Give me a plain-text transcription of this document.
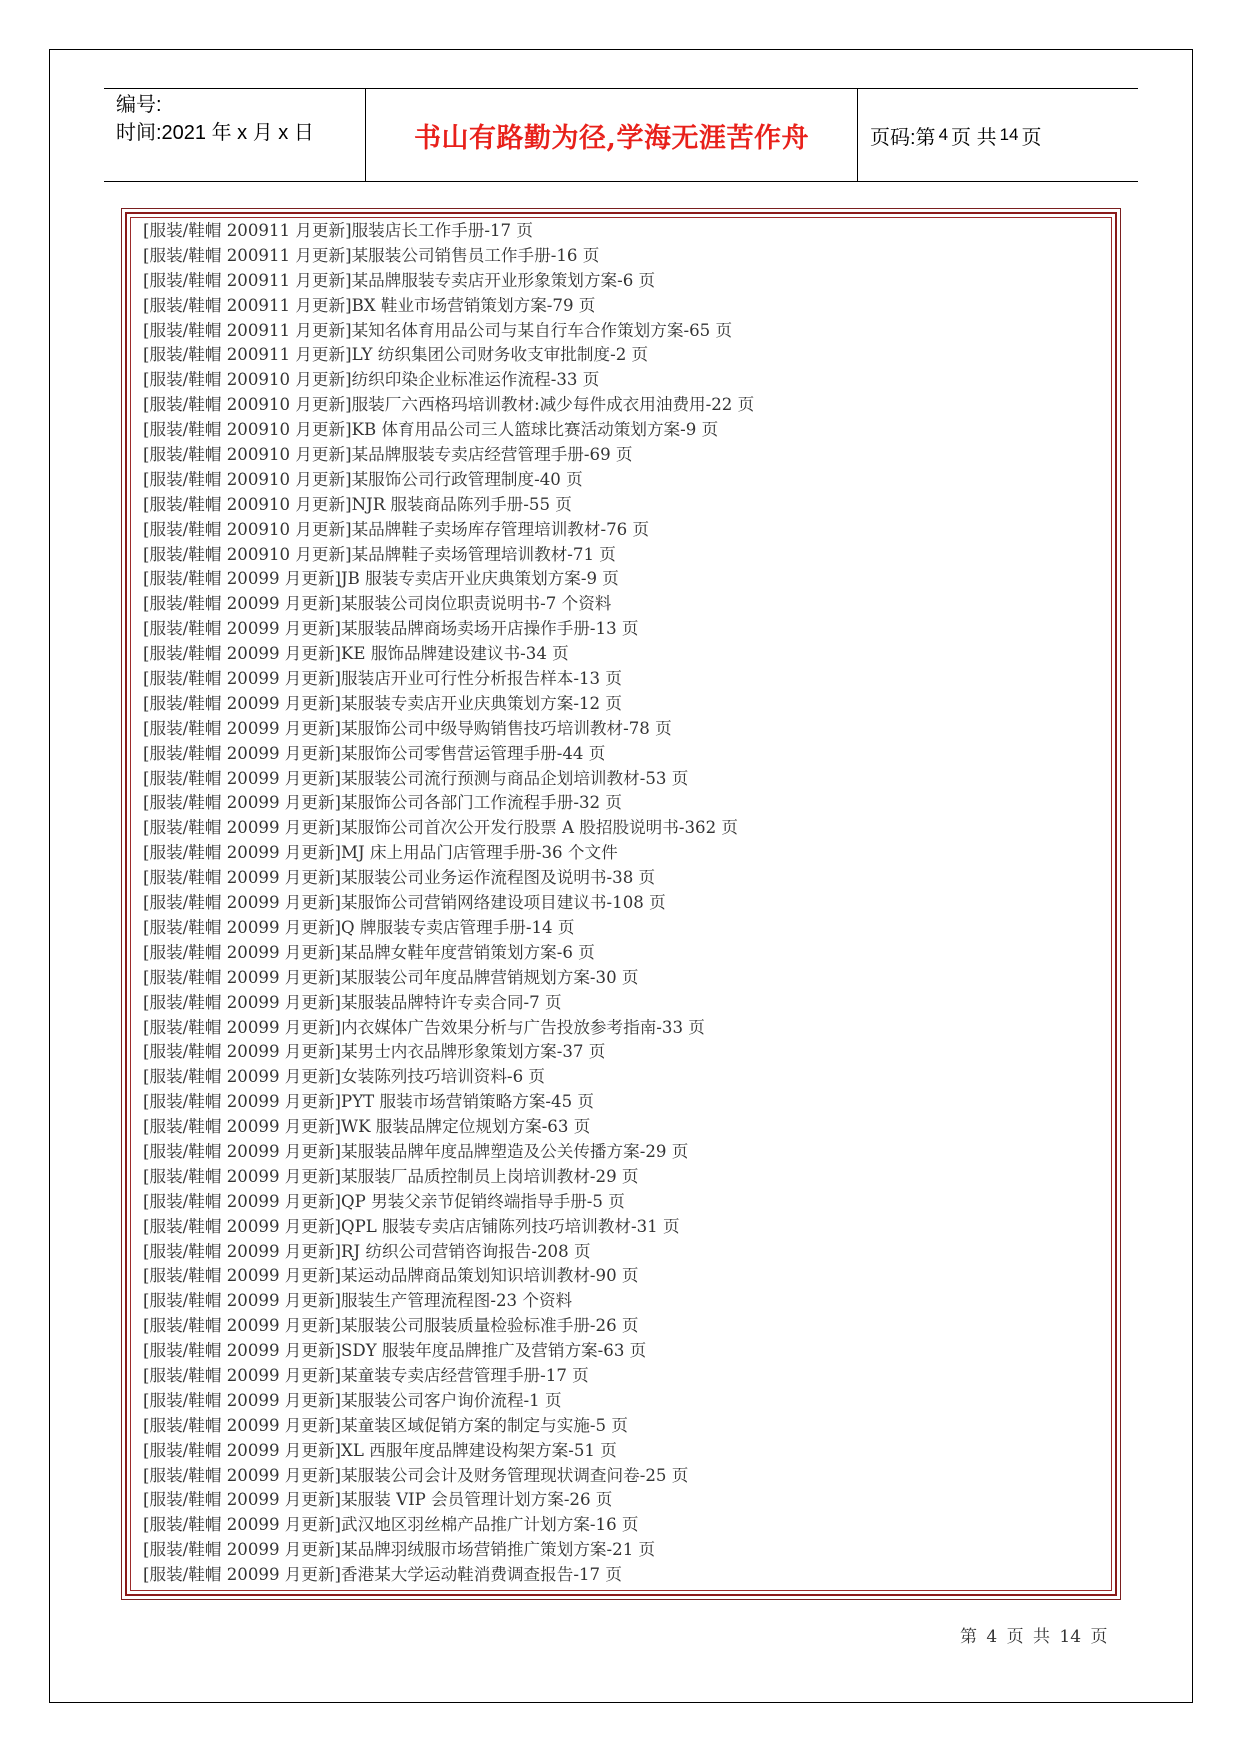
编号:
时间:2021 年 x 月 x 日	书山有路勤为径,学海无涯苦作舟	页码:第 4 页 共 14 页
[服装/鞋帽 200911 月更新]服装店长工作手册-17 页
[服装/鞋帽 200911 月更新]某服装公司销售员工作手册-16 页
[服装/鞋帽 200911 月更新]某品牌服装专卖店开业形象策划方案-6 页
[服装/鞋帽 200911 月更新]BX 鞋业市场营销策划方案-79 页
[服装/鞋帽 200911 月更新]某知名体育用品公司与某自行车合作策划方案-65 页
[服装/鞋帽 200911 月更新]LY 纺织集团公司财务收支审批制度-2 页
[服装/鞋帽 200910 月更新]纺织印染企业标准运作流程-33 页
[服装/鞋帽 200910 月更新]服装厂六西格玛培训教材:减少每件成衣用油费用-22 页
[服装/鞋帽 200910 月更新]KB 体育用品公司三人篮球比赛活动策划方案-9 页
[服装/鞋帽 200910 月更新]某品牌服装专卖店经营管理手册-69 页
[服装/鞋帽 200910 月更新]某服饰公司行政管理制度-40 页
[服装/鞋帽 200910 月更新]NJR 服装商品陈列手册-55 页
[服装/鞋帽 200910 月更新]某品牌鞋子卖场库存管理培训教材-76 页
[服装/鞋帽 200910 月更新]某品牌鞋子卖场管理培训教材-71 页
[服装/鞋帽 20099 月更新]JB 服装专卖店开业庆典策划方案-9 页
[服装/鞋帽 20099 月更新]某服装公司岗位职责说明书-7 个资料
[服装/鞋帽 20099 月更新]某服装品牌商场卖场开店操作手册-13 页
[服装/鞋帽 20099 月更新]KE 服饰品牌建设建议书-34 页
[服装/鞋帽 20099 月更新]服装店开业可行性分析报告样本-13 页
[服装/鞋帽 20099 月更新]某服装专卖店开业庆典策划方案-12 页
[服装/鞋帽 20099 月更新]某服饰公司中级导购销售技巧培训教材-78 页
[服装/鞋帽 20099 月更新]某服饰公司零售营运管理手册-44 页
[服装/鞋帽 20099 月更新]某服装公司流行预测与商品企划培训教材-53 页
[服装/鞋帽 20099 月更新]某服饰公司各部门工作流程手册-32 页
[服装/鞋帽 20099 月更新]某服饰公司首次公开发行股票 A 股招股说明书-362 页
[服装/鞋帽 20099 月更新]MJ 床上用品门店管理手册-36 个文件
[服装/鞋帽 20099 月更新]某服装公司业务运作流程图及说明书-38 页
[服装/鞋帽 20099 月更新]某服饰公司营销网络建设项目建议书-108 页
[服装/鞋帽 20099 月更新]Q 牌服装专卖店管理手册-14 页
[服装/鞋帽 20099 月更新]某品牌女鞋年度营销策划方案-6 页
[服装/鞋帽 20099 月更新]某服装公司年度品牌营销规划方案-30 页
[服装/鞋帽 20099 月更新]某服装品牌特许专卖合同-7 页
[服装/鞋帽 20099 月更新]内衣媒体广告效果分析与广告投放参考指南-33 页
[服装/鞋帽 20099 月更新]某男士内衣品牌形象策划方案-37 页
[服装/鞋帽 20099 月更新]女装陈列技巧培训资料-6 页
[服装/鞋帽 20099 月更新]PYT 服装市场营销策略方案-45 页
[服装/鞋帽 20099 月更新]WK 服装品牌定位规划方案-63 页
[服装/鞋帽 20099 月更新]某服装品牌年度品牌塑造及公关传播方案-29 页
[服装/鞋帽 20099 月更新]某服装厂品质控制员上岗培训教材-29 页
[服装/鞋帽 20099 月更新]QP 男装父亲节促销终端指导手册-5 页
[服装/鞋帽 20099 月更新]QPL 服装专卖店店铺陈列技巧培训教材-31 页
[服装/鞋帽 20099 月更新]RJ 纺织公司营销咨询报告-208 页
[服装/鞋帽 20099 月更新]某运动品牌商品策划知识培训教材-90 页
[服装/鞋帽 20099 月更新]服装生产管理流程图-23 个资料
[服装/鞋帽 20099 月更新]某服装公司服装质量检验标准手册-26 页
[服装/鞋帽 20099 月更新]SDY 服装年度品牌推广及营销方案-63 页
[服装/鞋帽 20099 月更新]某童装专卖店经营管理手册-17 页
[服装/鞋帽 20099 月更新]某服装公司客户询价流程-1 页
[服装/鞋帽 20099 月更新]某童装区域促销方案的制定与实施-5 页
[服装/鞋帽 20099 月更新]XL 西服年度品牌建设构架方案-51 页
[服装/鞋帽 20099 月更新]某服装公司会计及财务管理现状调查问卷-25 页
[服装/鞋帽 20099 月更新]某服装 VIP 会员管理计划方案-26 页
[服装/鞋帽 20099 月更新]武汉地区羽丝棉产品推广计划方案-16 页
[服装/鞋帽 20099 月更新]某品牌羽绒服市场营销推广策划方案-21 页
[服装/鞋帽 20099 月更新]香港某大学运动鞋消费调查报告-17 页
第 4 页 共 14 页
